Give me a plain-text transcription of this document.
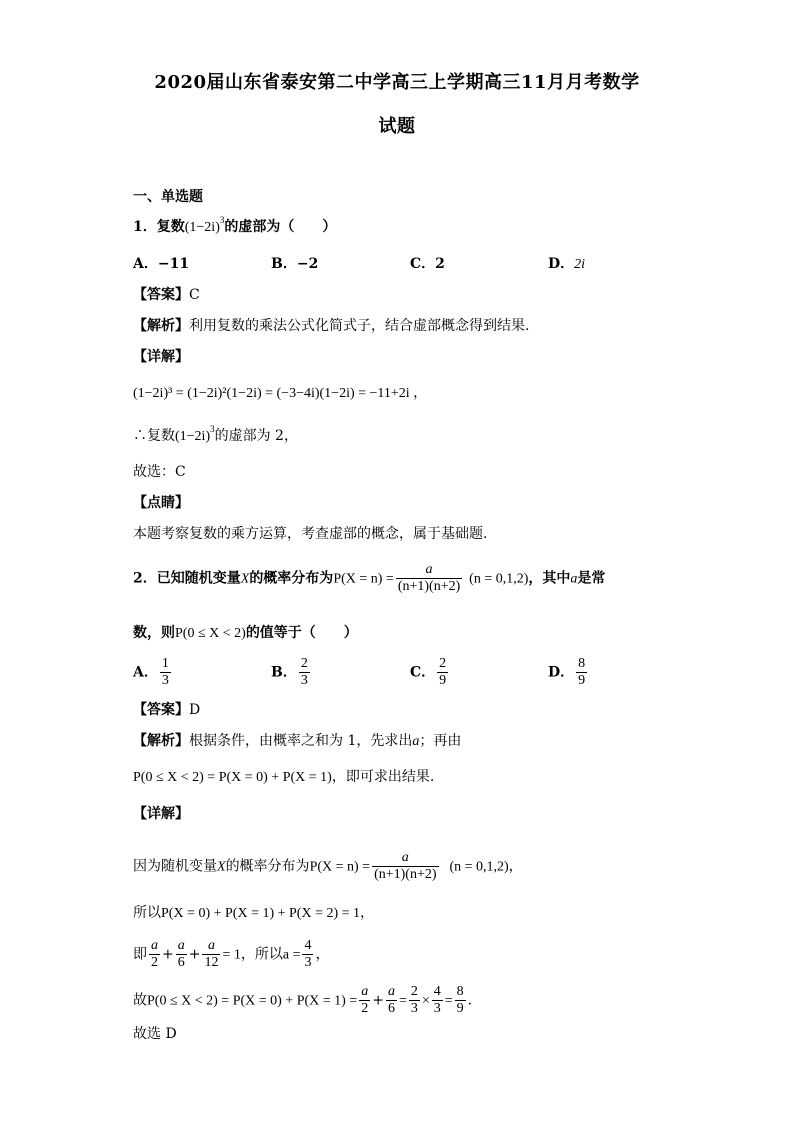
2020届山东省泰安第二中学高三上学期高三11月月考数学
试题
一、单选题
1．复数$(1-2i)^3$的虚部为（　　）
A．−11	B．−2	C．2	D．2i
【答案】C
【解析】利用复数的乘法公式化简式子，结合虚部概念得到结果.
【详解】
(1−2i)³ = (1−2i)²(1−2i) = (−3−4i)(1−2i) = −11+2i ，
∴复数$(1-2i)^3$的虚部为 2，
故选：C
【点睛】
本题考察复数的乘方运算，考查虚部的概念，属于基础题.
2．已知随机变量X的概率分布为$P(X = n) = \frac{a}{(n+1)(n+2)} (n = 0,1,2)$，其中a是常
数，则P(0 ≤ X < 2)的值等于（　　）
A． $\frac{1}{3}$	B． $\frac{2}{3}$	C． $\frac{2}{9}$	D． $\frac{8}{9}$
【答案】D
【解析】根据条件，由概率之和为 1，先求出a；再由
P(0 ≤ X < 2) = P(X = 0) + P(X = 1)，即可求出结果.
【详解】
因为随机变量X的概率分布为$P(X = n) = \frac{a}{(n+1)(n+2)} (n = 0,1,2)$，
所以P(X = 0) + P(X = 1) + P(X = 2) = 1，
即 $\frac{a}{2} + \frac{a}{6} + \frac{a}{12} = 1$，所以$a = \frac{4}{3}$ ，
故$P(0 \le X < 2) = P(X = 0) + P(X = 1) = \frac{a}{2} + \frac{a}{6} = \frac{2}{3} \times \frac{4}{3} = \frac{8}{9}$ .
故选 D
